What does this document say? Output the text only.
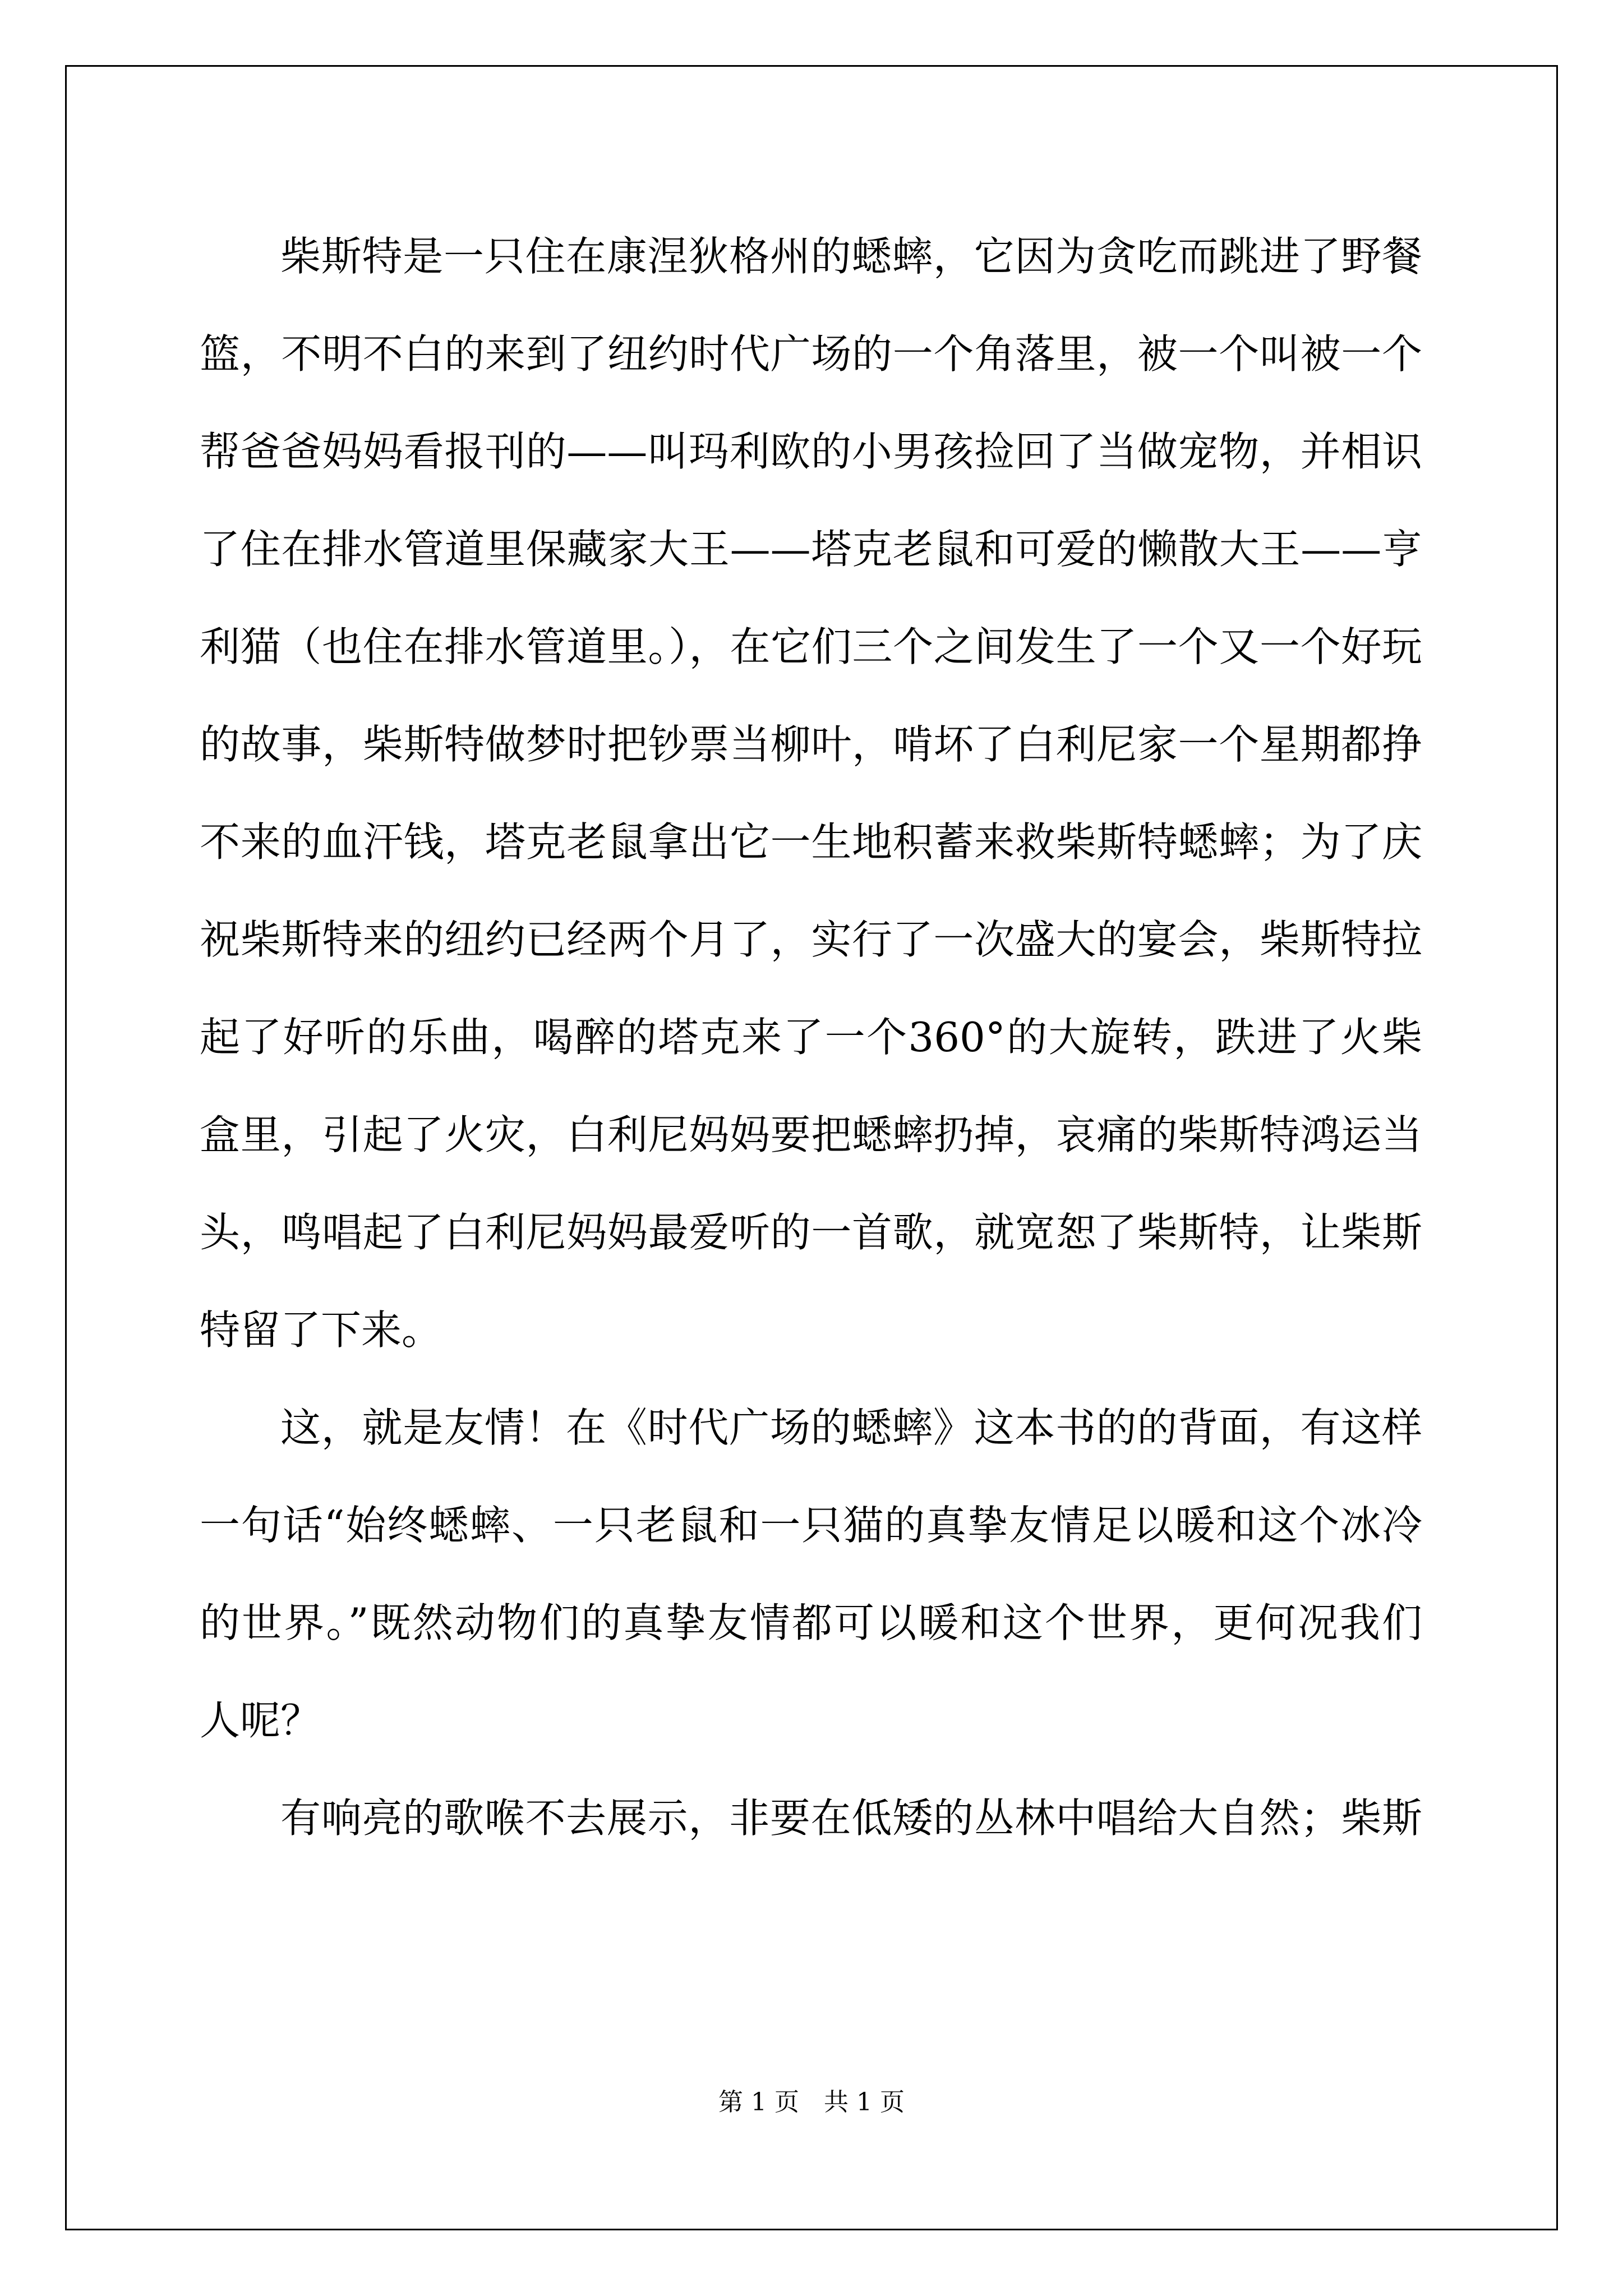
柴斯特是一只住在康涅狄格州的蟋蟀，它因为贪吃而跳进了野餐
篮，不明不白的来到了纽约时代广场的一个角落里，被一个叫被一个
帮爸爸妈妈看报刊的——叫玛利欧的小男孩捡回了当做宠物，并相识
了住在排水管道里保藏家大王——塔克老鼠和可爱的懒散大王——亨
利猫（也住在排水管道里。），在它们三个之间发生了一个又一个好玩
的故事，柴斯特做梦时把钞票当柳叶，啃坏了白利尼家一个星期都挣
不来的血汗钱，塔克老鼠拿出它一生地积蓄来救柴斯特蟋蟀；为了庆
祝柴斯特来的纽约已经两个月了，实行了一次盛大的宴会，柴斯特拉
起了好听的乐曲，喝醉的塔克来了一个360°的大旋转，跌进了火柴
盒里，引起了火灾，白利尼妈妈要把蟋蟀扔掉，哀痛的柴斯特鸿运当
头，鸣唱起了白利尼妈妈最爱听的一首歌，就宽恕了柴斯特，让柴斯
特留了下来。
这，就是友情！在《时代广场的蟋蟀》这本书的的背面，有这样
一句话“始终蟋蟀、一只老鼠和一只猫的真挚友情足以暖和这个冰冷
的世界。”既然动物们的真挚友情都可以暖和这个世界，更何况我们
人呢？
有响亮的歌喉不去展示，非要在低矮的丛林中唱给大自然；柴斯
第 1 页　共 1 页
